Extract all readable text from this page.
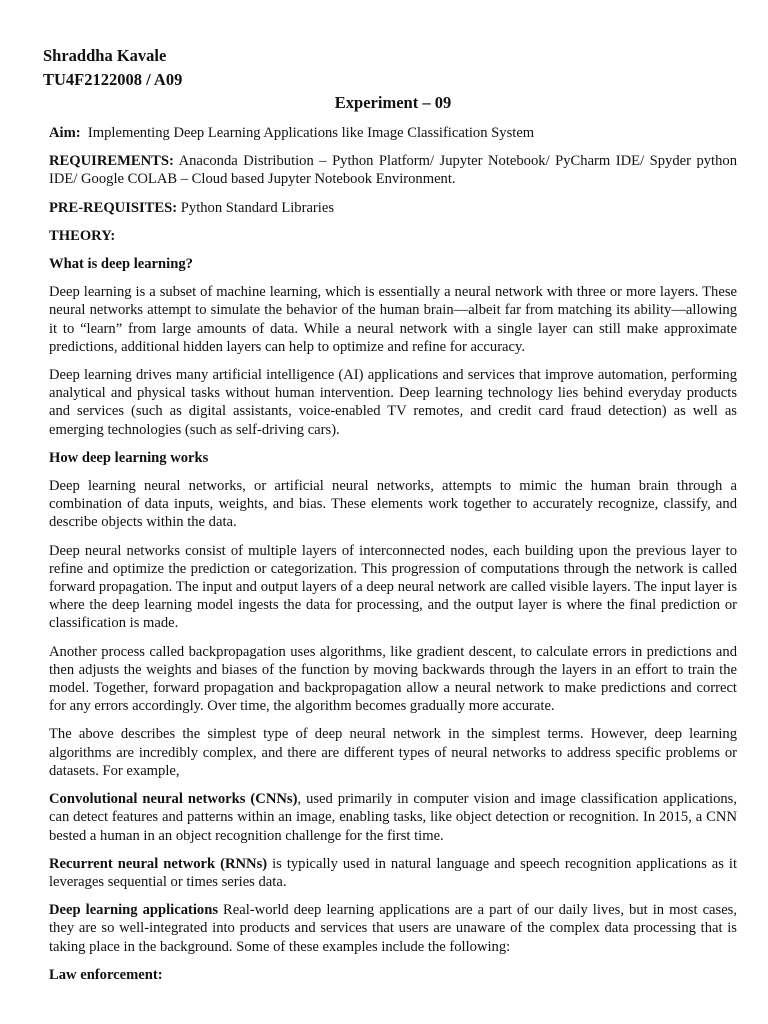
Shraddha Kavale
TU4F2122008 / A09
Experiment – 09

Aim: Implementing Deep Learning Applications like Image Classification System

REQUIREMENTS: Anaconda Distribution – Python Platform/ Jupyter Notebook/ PyCharm IDE/ Spyder python IDE/ Google COLAB – Cloud based Jupyter Notebook Environment.

PRE-REQUISITES: Python Standard Libraries

THEORY:

What is deep learning?

Deep learning is a subset of machine learning, which is essentially a neural network with three or more layers. These neural networks attempt to simulate the behavior of the human brain—albeit far from matching its ability—allowing it to “learn” from large amounts of data. While a neural network with a single layer can still make approximate predictions, additional hidden layers can help to optimize and refine for accuracy.

Deep learning drives many artificial intelligence (AI) applications and services that improve automation, performing analytical and physical tasks without human intervention. Deep learning technology lies behind everyday products and services (such as digital assistants, voice-enabled TV remotes, and credit card fraud detection) as well as emerging technologies (such as self-driving cars).

How deep learning works

Deep learning neural networks, or artificial neural networks, attempts to mimic the human brain through a combination of data inputs, weights, and bias. These elements work together to accurately recognize, classify, and describe objects within the data.

Deep neural networks consist of multiple layers of interconnected nodes, each building upon the previous layer to refine and optimize the prediction or categorization. This progression of computations through the network is called forward propagation. The input and output layers of a deep neural network are called visible layers. The input layer is where the deep learning model ingests the data for processing, and the output layer is where the final prediction or classification is made.

Another process called backpropagation uses algorithms, like gradient descent, to calculate errors in predictions and then adjusts the weights and biases of the function by moving backwards through the layers in an effort to train the model. Together, forward propagation and backpropagation allow a neural network to make predictions and correct for any errors accordingly. Over time, the algorithm becomes gradually more accurate.

The above describes the simplest type of deep neural network in the simplest terms. However, deep learning algorithms are incredibly complex, and there are different types of neural networks to address specific problems or datasets. For example,

Convolutional neural networks (CNNs), used primarily in computer vision and image classification applications, can detect features and patterns within an image, enabling tasks, like object detection or recognition. In 2015, a CNN bested a human in an object recognition challenge for the first time.

Recurrent neural network (RNNs) is typically used in natural language and speech recognition applications as it leverages sequential or times series data.

Deep learning applications Real-world deep learning applications are a part of our daily lives, but in most cases, they are so well-integrated into products and services that users are unaware of the complex data processing that is taking place in the background. Some of these examples include the following:

Law enforcement:
